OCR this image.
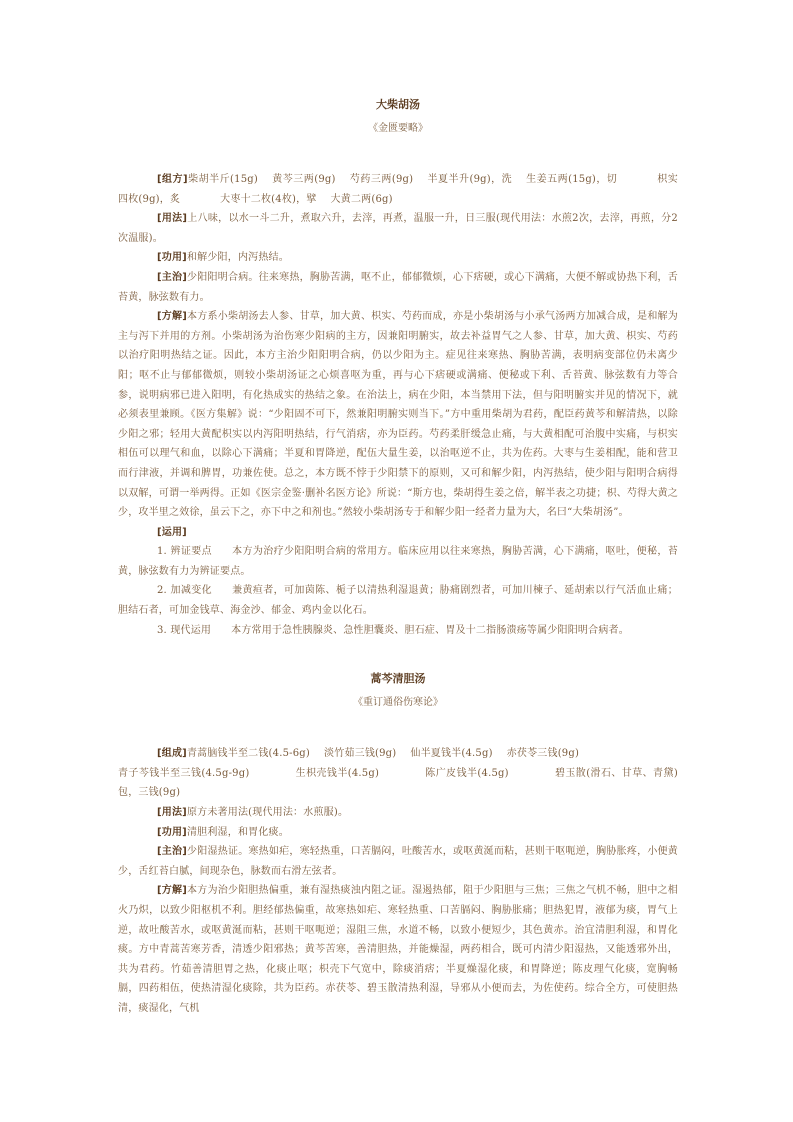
大柴胡汤
《金匮要略》

[组方]柴胡半斤(15g) 黄芩三两(9g) 芍药三两(9g) 半夏半升(9g)，洗 生姜五两(15g)，切	枳实四枚(9g)，炙	大枣十二枚(4枚)，擘 大黄二两(6g)

[用法]上八味，以水一斗二升，煮取六升，去滓，再煮，温服一升，日三服(现代用法：水煎2次，去滓，再煎，分2次温服)。

[功用]和解少阳，内泻热结。

[主治]少阳阳明合病。往来寒热，胸胁苦满，呕不止，郁郁微烦，心下痞硬，或心下满痛，大便不解或协热下利，舌苔黄，脉弦数有力。

[方解]本方系小柴胡汤去人参、甘草，加大黄、枳实、芍药而成，亦是小柴胡汤与小承气汤两方加减合成，是和解为主与泻下并用的方剂。小柴胡汤为治伤寒少阳病的主方，因兼阳明腑实，故去补益胃气之人参、甘草，加大黄、枳实、芍药以治疗阳明热结之证。因此，本方主治少阳阳明合病，仍以少阳为主。症见往来寒热、胸胁苦满，表明病变部位仍未离少阳；呕不止与郁郁微烦，则较小柴胡汤证之心烦喜呕为重，再与心下痞硬或满痛、便秘或下利、舌苔黄、脉弦数有力等合参，说明病邪已进入阳明，有化热成实的热结之象。在治法上，病在少阳，本当禁用下法，但与阳明腑实并见的情况下，就必须表里兼顾。《医方集解》说：“少阳固不可下，然兼阳明腑实则当下。”方中重用柴胡为君药，配臣药黄芩和解清热，以除少阳之邪；轻用大黄配枳实以内泻阳明热结，行气消痞，亦为臣药。芍药柔肝缓急止痛，与大黄相配可治腹中实痛，与枳实相伍可以理气和血，以除心下满痛；半夏和胃降逆，配伍大量生姜，以治呕逆不止，共为佐药。大枣与生姜相配，能和营卫而行津液，并调和脾胃，功兼佐使。总之，本方既不悖于少阳禁下的原则，又可和解少阳，内泻热结，使少阳与阳明合病得以双解，可谓一举两得。正如《医宗金鉴·删补名医方论》所说：“斯方也，柴胡得生姜之倍，解半表之功捷；枳、芍得大黄之少，攻半里之效徐，虽云下之，亦下中之和剂也。”然较小柴胡汤专于和解少阳一经者力量为大，名曰“大柴胡汤”。

[运用]

1. 辨证要点 本方为治疗少阳阳明合病的常用方。临床应用以往来寒热，胸胁苦满，心下满痛，呕吐，便秘，苔黄，脉弦数有力为辨证要点。

2. 加减变化 兼黄疸者，可加茵陈、栀子以清热利湿退黄；胁痛剧烈者，可加川楝子、延胡索以行气活血止痛；胆结石者，可加金钱草、海金沙、郁金、鸡内金以化石。

3. 现代运用 本方常用于急性胰腺炎、急性胆囊炎、胆石症、胃及十二指肠溃疡等属少阳阳明合病者。

蒿芩清胆汤
《重订通俗伤寒论》

[组成]青蒿脑钱半至二钱(4.5-6g) 淡竹茹三钱(9g) 仙半夏钱半(4.5g) 赤茯苓三钱(9g)

青子芩钱半至三钱(4.5g-9g)	生枳壳钱半(4.5g)	陈广皮钱半(4.5g)	碧玉散(滑石、甘草、青黛)包，三钱(9g)

[用法]原方未著用法(现代用法：水煎服)。

[功用]清胆利湿，和胃化痰。

[主治]少阳湿热证。寒热如疟，寒轻热重，口苦膈闷，吐酸苦水，或呕黄涎而粘，甚则干呕呃逆，胸胁胀疼，小便黄少，舌红苔白腻，间现杂色，脉数而右滑左弦者。

[方解]本方为治少阳胆热偏重，兼有湿热痰浊内阻之证。湿遏热郁，阻于少阳胆与三焦；三焦之气机不畅，胆中之相火乃炽，以致少阳枢机不利。胆经郁热偏重，故寒热如疟、寒轻热重、口苦膈闷、胸胁胀痛；胆热犯胃，液郁为痰，胃气上逆，故吐酸苦水，或呕黄涎而粘，甚则干呕呃逆；湿阻三焦，水道不畅，以致小便短少，其色黄赤。治宜清胆利湿，和胃化痰。方中青蒿苦寒芳香，清透少阳邪热；黄芩苦寒，善清胆热，并能燥湿，两药相合，既可内清少阳湿热，又能透邪外出，共为君药。竹茹善清胆胃之热，化痰止呕；枳壳下气宽中，除痰消痞；半夏燥湿化痰，和胃降逆；陈皮理气化痰，宽胸畅膈，四药相伍，使热清湿化痰除，共为臣药。赤茯苓、碧玉散清热利湿，导邪从小便而去，为佐使药。综合全方，可使胆热清，痰湿化，气机
